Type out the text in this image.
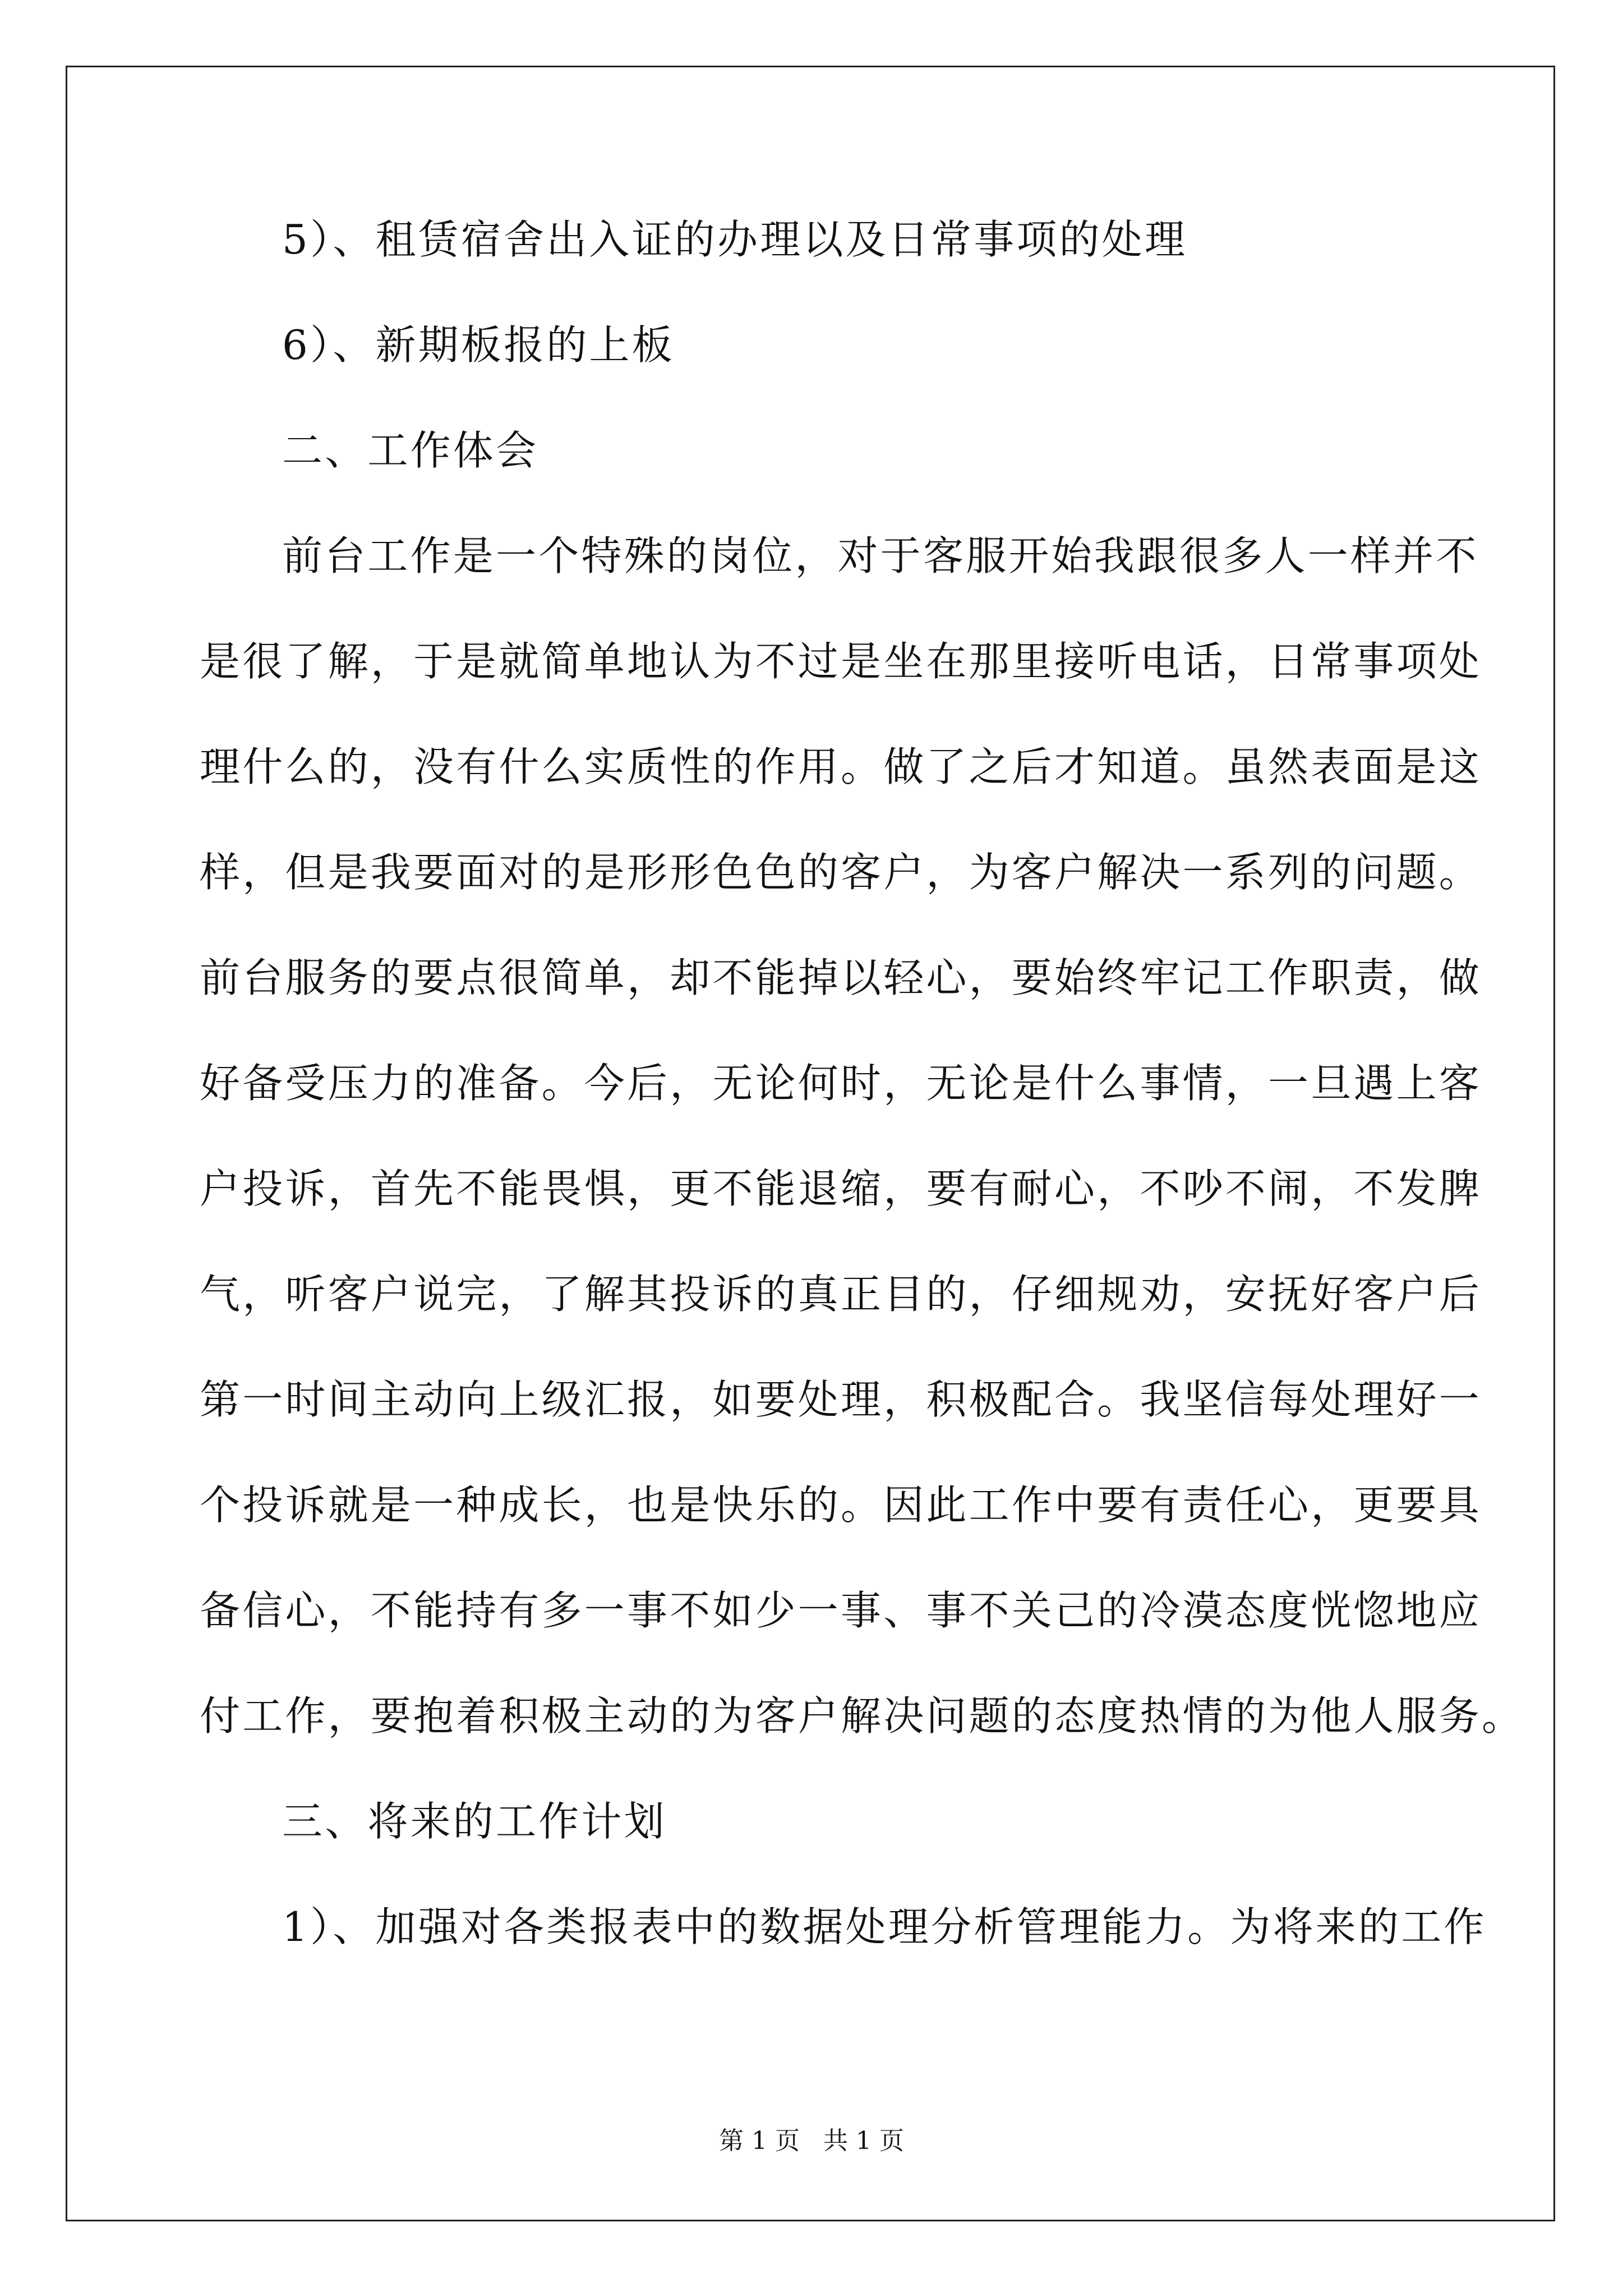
5）、租赁宿舍出入证的办理以及日常事项的处理

6）、新期板报的上板

二、工作体会

前台工作是一个特殊的岗位，对于客服开始我跟很多人一样并不

是很了解，于是就简单地认为不过是坐在那里接听电话，日常事项处

理什么的，没有什么实质性的作用。做了之后才知道。虽然表面是这

样，但是我要面对的是形形色色的客户，为客户解决一系列的问题。

前台服务的要点很简单，却不能掉以轻心，要始终牢记工作职责，做

好备受压力的准备。今后，无论何时，无论是什么事情，一旦遇上客

户投诉，首先不能畏惧，更不能退缩，要有耐心，不吵不闹，不发脾

气，听客户说完，了解其投诉的真正目的，仔细规劝，安抚好客户后

第一时间主动向上级汇报，如要处理，积极配合。我坚信每处理好一

个投诉就是一种成长，也是快乐的。因此工作中要有责任心，更要具

备信心，不能持有多一事不如少一事、事不关己的冷漠态度恍惚地应

付工作，要抱着积极主动的为客户解决问题的态度热情的为他人服务。

三、将来的工作计划

1）、加强对各类报表中的数据处理分析管理能力。为将来的工作

第 1 页   共 1 页
